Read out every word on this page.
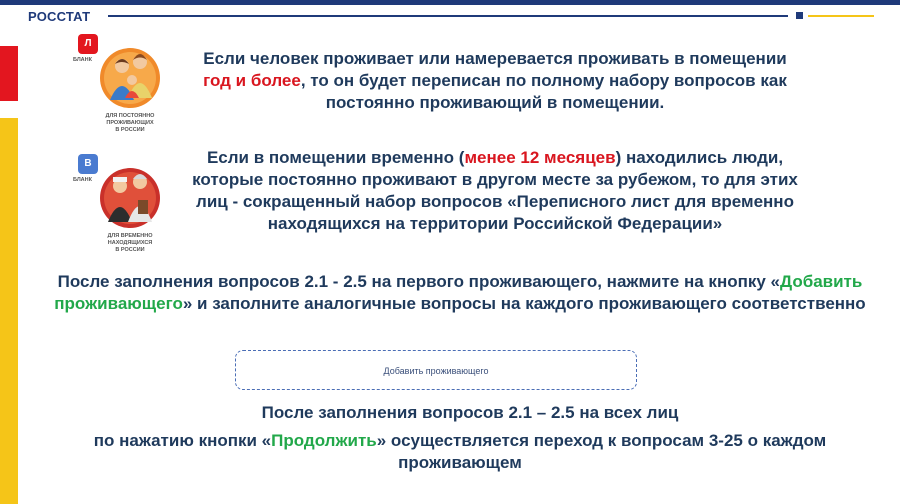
РОССТАТ
Л
БЛАНК
ДЛЯ ПОСТОЯННО
ПРОЖИВАЮЩИХ
В РОССИИ
В
БЛАНК
ДЛЯ ВРЕМЕННО
НАХОДЯЩИХСЯ
В РОССИИ

Если человек проживает или намеревается проживать в помещении год и более, то он будет переписан по полному набору вопросов как постоянно проживающий в помещении.

Если в помещении временно (менее 12 месяцев) находились люди, которые постоянно проживают в другом месте за рубежом, то для этих лиц - сокращенный набор вопросов «Переписного лист для временно находящихся на территории Российской Федерации»

После заполнения вопросов 2.1 - 2.5 на первого проживающего, нажмите на кнопку «Добавить проживающего» и заполните аналогичные вопросы на каждого проживающего соответственно

Добавить проживающего

После заполнения вопросов 2.1 – 2.5 на всех лиц

по нажатию кнопки «Продолжить» осуществляется переход к вопросам 3-25 о каждом проживающем
